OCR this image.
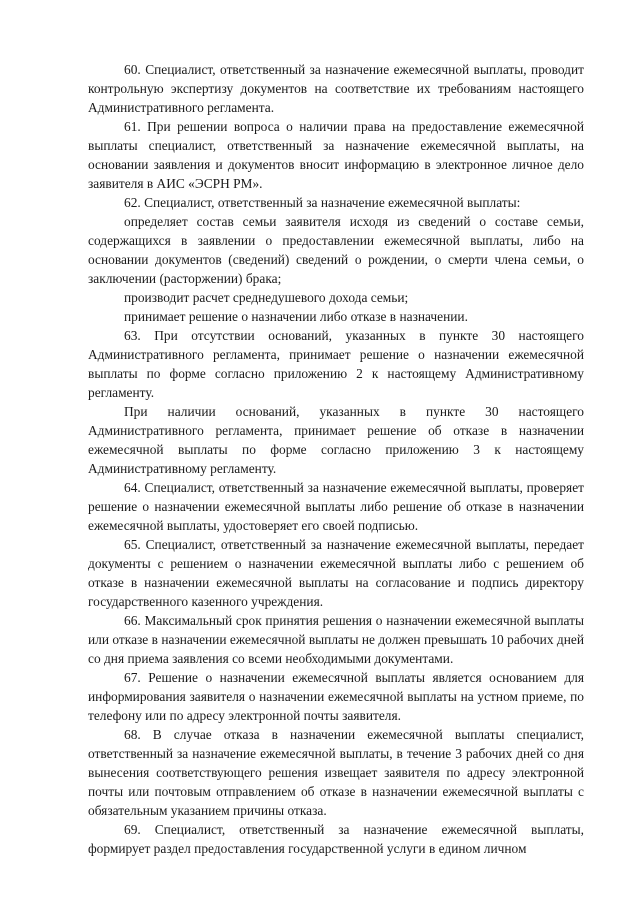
60. Специалист, ответственный за назначение ежемесячной выплаты, проводит контрольную экспертизу документов на соответствие их требованиям настоящего Административного регламента.

61. При решении вопроса о наличии права на предоставление ежемесячной выплаты специалист, ответственный за назначение ежемесячной выплаты, на основании заявления и документов вносит информацию в электронное личное дело заявителя в АИС «ЭСРН РМ».

62. Специалист, ответственный за назначение ежемесячной выплаты:

определяет состав семьи заявителя исходя из сведений о составе семьи, содержащихся в заявлении о предоставлении ежемесячной выплаты, либо на основании документов (сведений) сведений о рождении, о смерти члена семьи, о заключении (расторжении) брака;

производит расчет среднедушевого дохода семьи;

принимает решение о назначении либо отказе в назначении.

63. При отсутствии оснований, указанных в пункте 30 настоящего Административного регламента, принимает решение о назначении ежемесячной выплаты по форме согласно приложению 2 к настоящему Административному регламенту.

При наличии оснований, указанных в пункте 30 настоящего Административного регламента, принимает решение об отказе в назначении ежемесячной выплаты по форме согласно приложению 3 к настоящему Административному регламенту.

64. Специалист, ответственный за назначение ежемесячной выплаты, проверяет решение о назначении ежемесячной выплаты либо решение об отказе в назначении ежемесячной выплаты, удостоверяет его своей подписью.

65. Специалист, ответственный за назначение ежемесячной выплаты, передает документы с решением о назначении ежемесячной выплаты либо с решением об отказе в назначении ежемесячной выплаты на согласование и подпись директору государственного казенного учреждения.

66. Максимальный срок принятия решения о назначении ежемесячной выплаты или отказе в назначении ежемесячной выплаты не должен превышать 10 рабочих дней со дня приема заявления со всеми необходимыми документами.

67. Решение о назначении ежемесячной выплаты является основанием для информирования заявителя о назначении ежемесячной выплаты на устном приеме, по телефону или по адресу электронной почты заявителя.

68. В случае отказа в назначении ежемесячной выплаты специалист, ответственный за назначение ежемесячной выплаты, в течение 3 рабочих дней со дня вынесения соответствующего решения извещает заявителя по адресу электронной почты или почтовым отправлением об отказе в назначении ежемесячной выплаты с обязательным указанием причины отказа.

69. Специалист, ответственный за назначение ежемесячной выплаты, формирует раздел предоставления государственной услуги в едином личном
